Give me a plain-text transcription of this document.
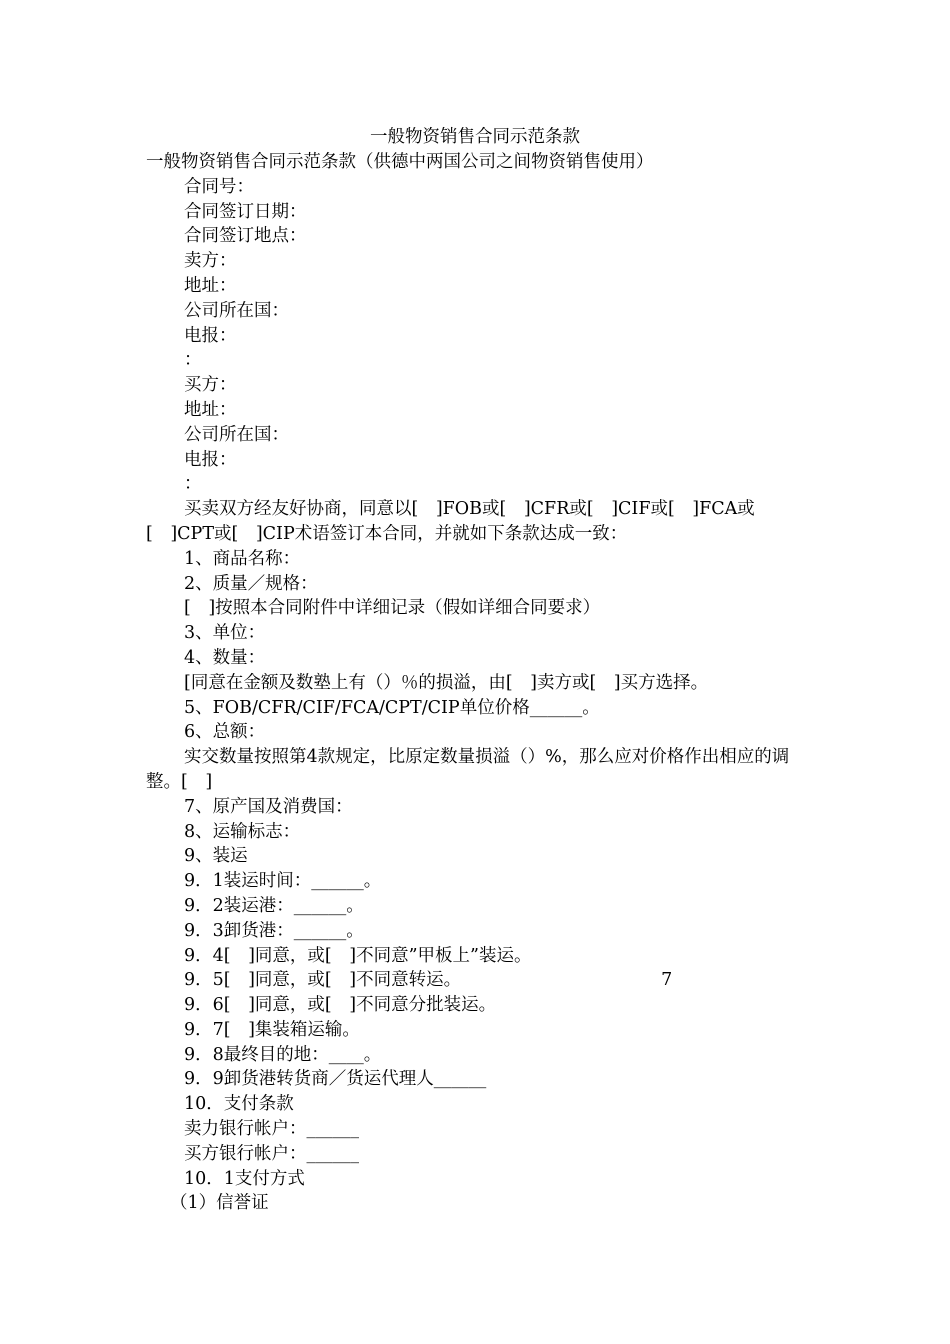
一般物资销售合同示范条款
一般物资销售合同示范条款（供德中两国公司之间物资销售使用）
合同号：
合同签订日期：
合同签订地点：
卖方：
地址：
公司所在国：
电报：
：
买方：
地址：
公司所在国：
电报：
：
买卖双方经友好协商，同意以[　]FOB或[　]CFR或[　]CIF或[　]FCA或[　]CPT或[　]CIP术语签订本合同，并就如下条款达成一致：
1、商品名称：
2、质量／规格：
[　]按照本合同附件中详细记录（假如详细合同要求）
3、单位：
4、数量：
[同意在金额及数塾上有（）％的损溢，由[　]卖方或[　]买方选择。
5、FOB/CFR/CIF/FCA/CPT/CIP单位价格______。
6、总额：
实交数量按照第4款规定，比原定数量损溢（）%，那么应对价格作出相应的调整。[　]
7、原产国及消费国：
8、运输标志：
9、装运
9．1装运时间：______。
9．2装运港：______。
9．3卸货港：______。
9．4[　]同意，或[　]不同意”甲板上”装运。
9．5[　]同意，或[　]不同意转运。	7
9．6[　]同意，或[　]不同意分批装运。
9．7[　]集装箱运输。
9．8最终目的地：____。
9．9卸货港转货商／货运代理人______
10．支付条款
卖力银行帐户：______
买方银行帐户：______
10．1支付方式
（1）信誉证
